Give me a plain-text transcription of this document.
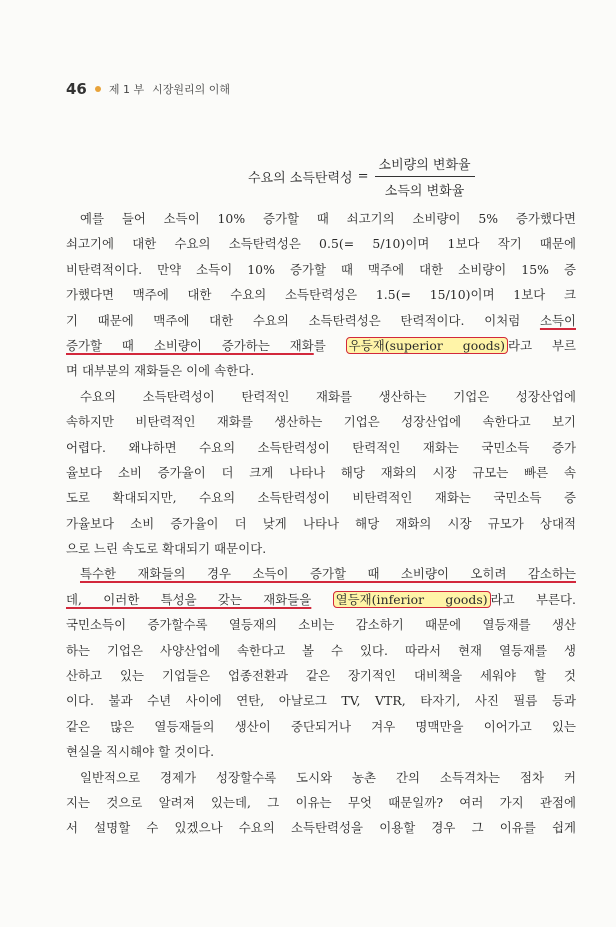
46 제 1 부 시장원리의 이해
수요의 소득탄력성 = $\frac{\text{소비량의 변화율}}{\text{소득의 변화율}}$
예를 들어 소득이 10% 증가할 때 쇠고기의 소비량이 5% 증가했다면
쇠고기에 대한 수요의 소득탄력성은 0.5(= 5/10)이며 1보다 작기 때문에
비탄력적이다. 만약 소득이 10% 증가할 때 맥주에 대한 소비량이 15% 증
가했다면 맥주에 대한 수요의 소득탄력성은 1.5(= 15/10)이며 1보다 크
기 때문에 맥주에 대한 수요의 소득탄력성은 탄력적이다. 이처럼 소득이
증가할 때 소비량이 증가하는 재화를 우등재(superior goods) 라고 부르
며 대부분의 재화들은 이에 속한다.
수요의 소득탄력성이 탄력적인 재화를 생산하는 기업은 성장산업에
속하지만 비탄력적인 재화를 생산하는 기업은 성장산업에 속한다고 보기
어렵다. 왜냐하면 수요의 소득탄력성이 탄력적인 재화는 국민소득 증가
율보다 소비 증가율이 더 크게 나타나 해당 재화의 시장 규모는 빠른 속
도로 확대되지만, 수요의 소득탄력성이 비탄력적인 재화는 국민소득 증
가율보다 소비 증가율이 더 낮게 나타나 해당 재화의 시장 규모가 상대적
으로 느린 속도로 확대되기 때문이다.
특수한 재화들의 경우 소득이 증가할 때 소비량이 오히려 감소하는
데, 이러한 특성을 갖는 재화들을 열등재(inferior goods) 라고 부른다.
국민소득이 증가할수록 열등재의 소비는 감소하기 때문에 열등재를 생산
하는 기업은 사양산업에 속한다고 볼 수 있다. 따라서 현재 열등재를 생
산하고 있는 기업들은 업종전환과 같은 장기적인 대비책을 세워야 할 것
이다. 불과 수년 사이에 연탄, 아날로그 TV, VTR, 타자기, 사진 필름 등과
같은 많은 열등재들의 생산이 중단되거나 겨우 명맥만을 이어가고 있는
현실을 직시해야 할 것이다.
일반적으로 경제가 성장할수록 도시와 농촌 간의 소득격차는 점차 커
지는 것으로 알려져 있는데, 그 이유는 무엇 때문일까? 여러 가지 관점에
서 설명할 수 있겠으나 수요의 소득탄력성을 이용할 경우 그 이유를 쉽게
